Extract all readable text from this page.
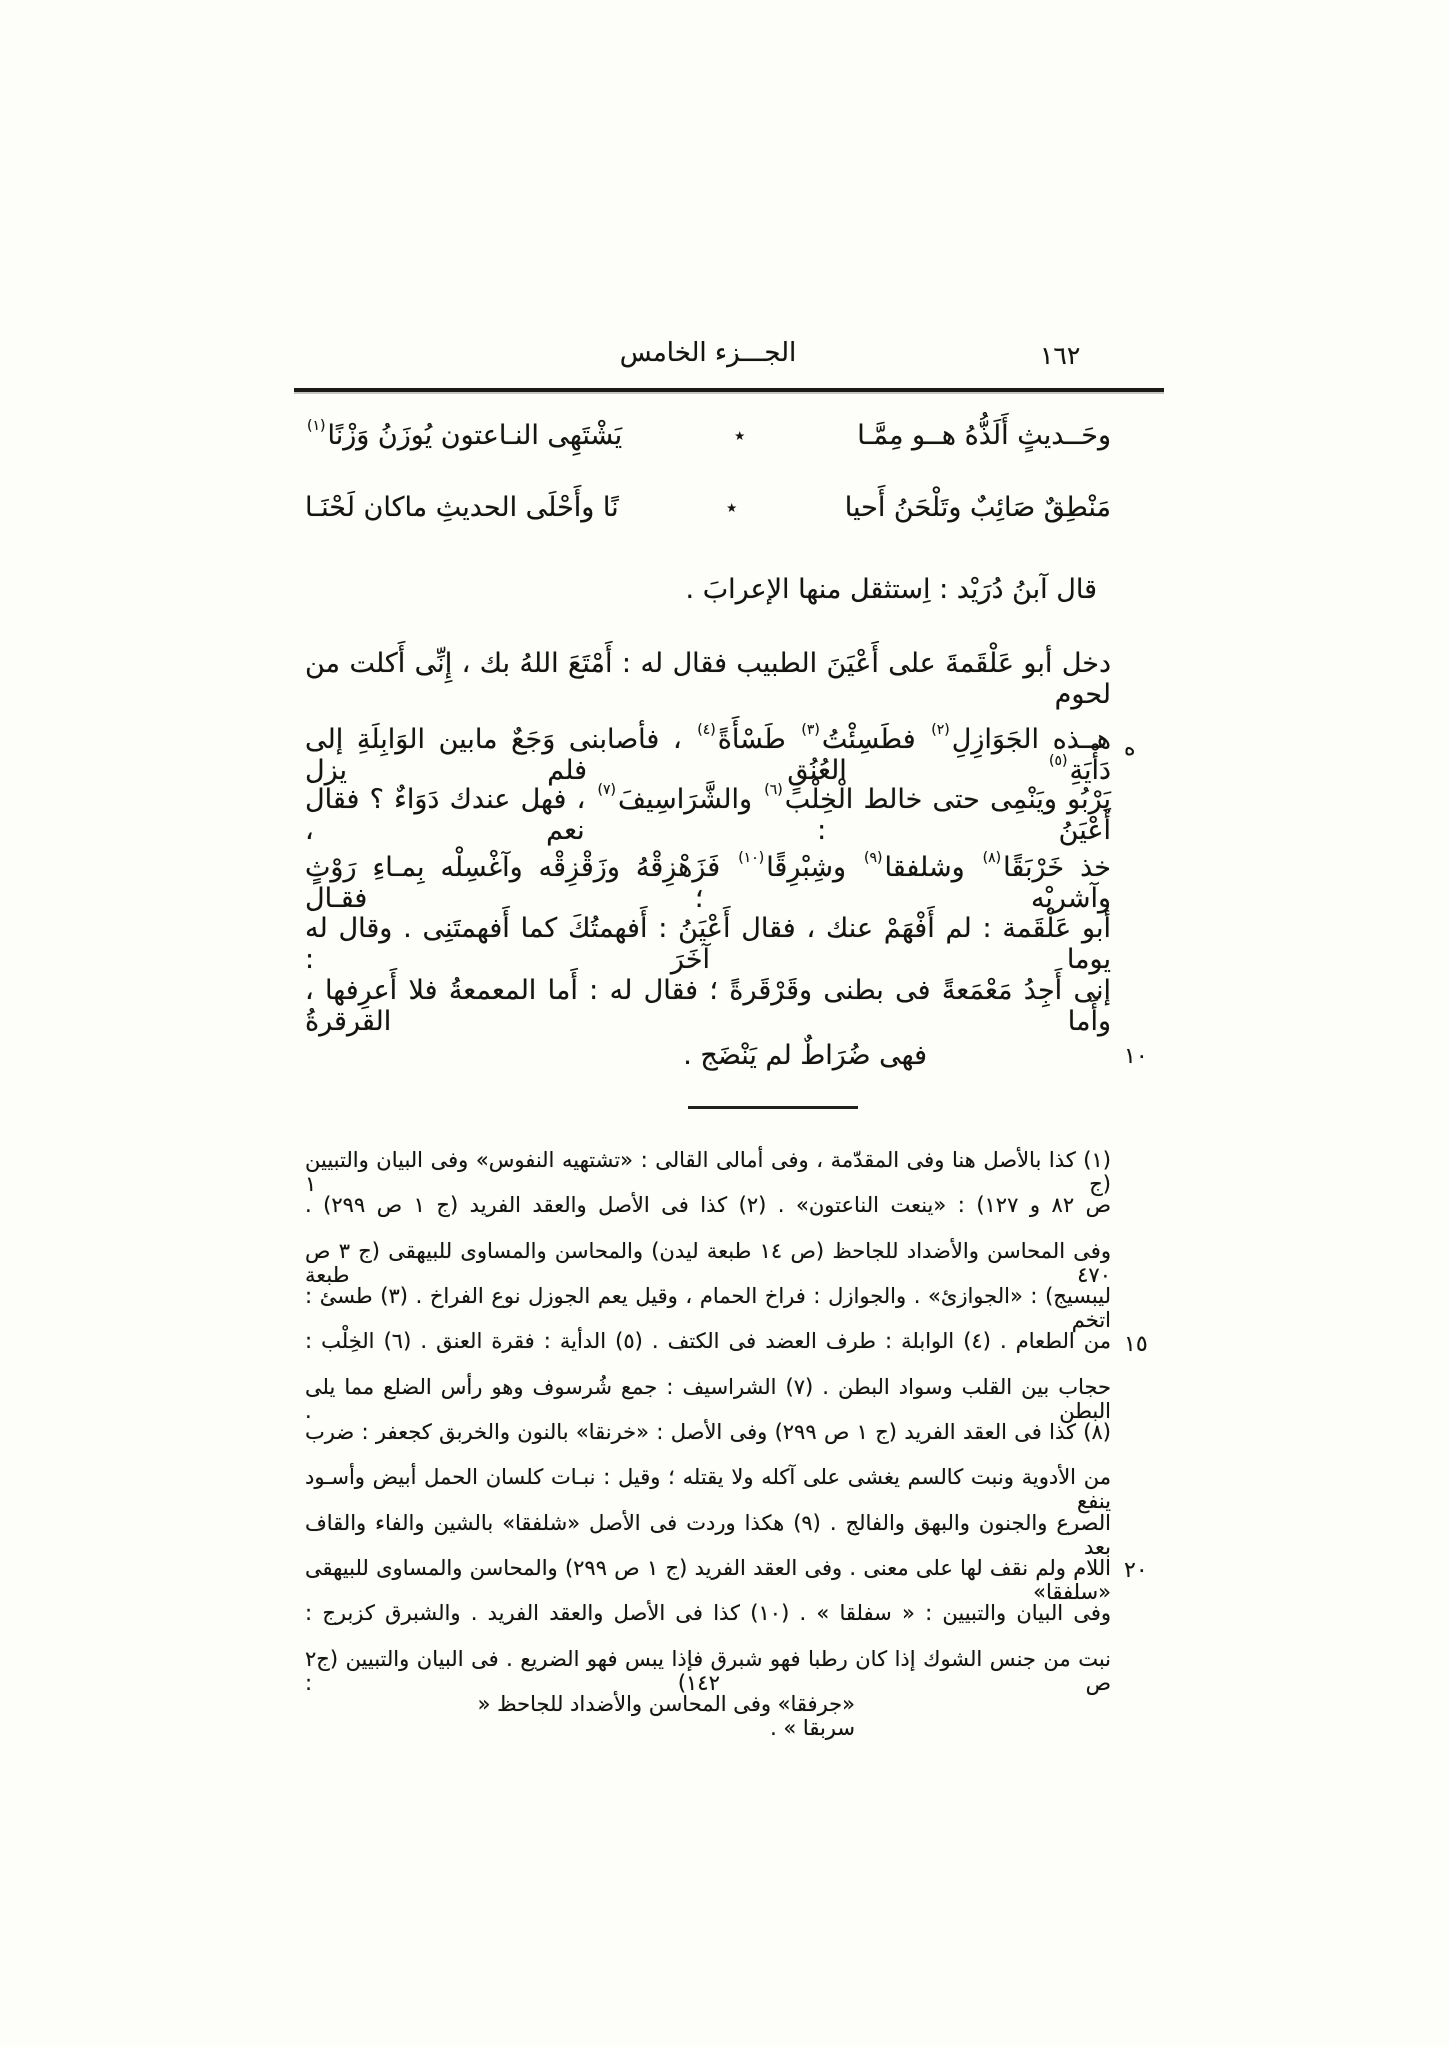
الجـــزء الخامس	١٦٢
وحَــديثٍ أَلَذُّهُ هــو مِمَّـا
٭
يَشْتَهِى النـاعتون يُوزَنُ وَزْنًا$^{(١)}$
مَنْطِقٌ صَائِبٌ وتَلْحَنُ أَحيا
٭
نًا وأَحْلَى الحديثِ ماكان لَحْنَـا
قال آبنُ دُرَيْد : اِستثقل منها الإعرابَ .
دخل أبو عَلْقَمةَ على أَعْيَنَ الطبيب فقال له : أَمْتَعَ اللهُ بك ، إِنِّى أَكلت من لحوم
هــذه الجَوَازِلِ$^{(٢)}$ فطَسِئْتُ$^{(٣)}$ طَسْأَةً$^{(٤)}$ ، فأصابنى وَجَعٌ مابين الوَابِلَةِ إلى دَأْيَةِ$^{(٥)}$ العُنُقِ فلم يزل
يَرْبُو ويَنْمِى حتى خالط الْخِلْبَ$^{(٦)}$ والشَّرَاسِيفَ$^{(٧)}$ ، فهل عندك دَوَاءٌ ؟ فقال أَعْيَنُ : نعم ،
خذ خَرْبَقًا$^{(٨)}$ وشلفقا$^{(٩)}$ وشِبْرِقًا$^{(١٠)}$ فَزَهْزِقْهُ وزَقْزِقْه وآغْسِلْه بِمـاءِ رَوْثٍ وآشربْه ؛ فقـال
أبو عَلْقَمة : لم أَفْهَمْ عنك ، فقال أَعْيَنُ : أَفهمتُكَ كما أَفهمتَنِى . وقال له يوما آخَرَ :
إنى أَجِدُ مَعْمَعةً فى بطنى وقَرْقَرةً ؛ فقال له : أَما المعمعةُ فلا أَعرِفها ، وأَما القرقرةُ
فهى ضُرَاطٌ لم يَنْضَج .
ه
١٠
١٥
٢٠
(١) كذا بالأصل هنا وفى المقدّمة ، وفى أمالى القالى : «تشتهيه النفوس» وفى البيان والتبيين (ج ١
ص ٨٢ و ١٢٧) : «ينعت الناعتون» . (٢) كذا فى الأصل والعقد الفريد (ج ١ ص ٢٩٩) .
وفى المحاسن والأضداد للجاحظ (ص ١٤ طبعة ليدن) والمحاسن والمساوى للبيهقى (ج ٣ ص ٤٧٠ طبعة
ليبسيج) : «الجوازئ» . والجوازل : فراخ الحمام ، وقيل يعم الجوزل نوع الفراخ . (٣) طسئ : اتخم
من الطعام . (٤) الوابلة : طرف العضد فى الكتف . (٥) الدأية : فقرة العنق . (٦) الخِلْب :
حجاب بين القلب وسواد البطن . (٧) الشراسيف : جمع شُرسوف وهو رأس الضلع مما يلى البطن .
(٨) كذا فى العقد الفريد (ج ١ ص ٢٩٩) وفى الأصل : «خرنقا» بالنون والخربق كجعفر : ضرب
من الأدوية ونبت كالسم يغشى على آكله ولا يقتله ؛ وقيل : نبـات كلسان الحمل أبيض وأسـود ينفع
الصرع والجنون والبهق والفالج . (٩) هكذا وردت فى الأصل «شلفقا» بالشين والفاء والقاف بعد
اللام ولم نقف لها على معنى . وفى العقد الفريد (ج ١ ص ٢٩٩) والمحاسن والمساوى للبيهقى «سلفقا»
وفى البيان والتبيين : « سفلقا » . (١٠) كذا فى الأصل والعقد الفريد . والشبرق كزبرج :
نبت من جنس الشوك إذا كان رطبا فهو شبرق فإذا يبس فهو الضريع . فى البيان والتبيين (ج٢ ص ١٤٢) :
«جرفقا» وفى المحاسن والأضداد للجاحظ « سربقا » .
